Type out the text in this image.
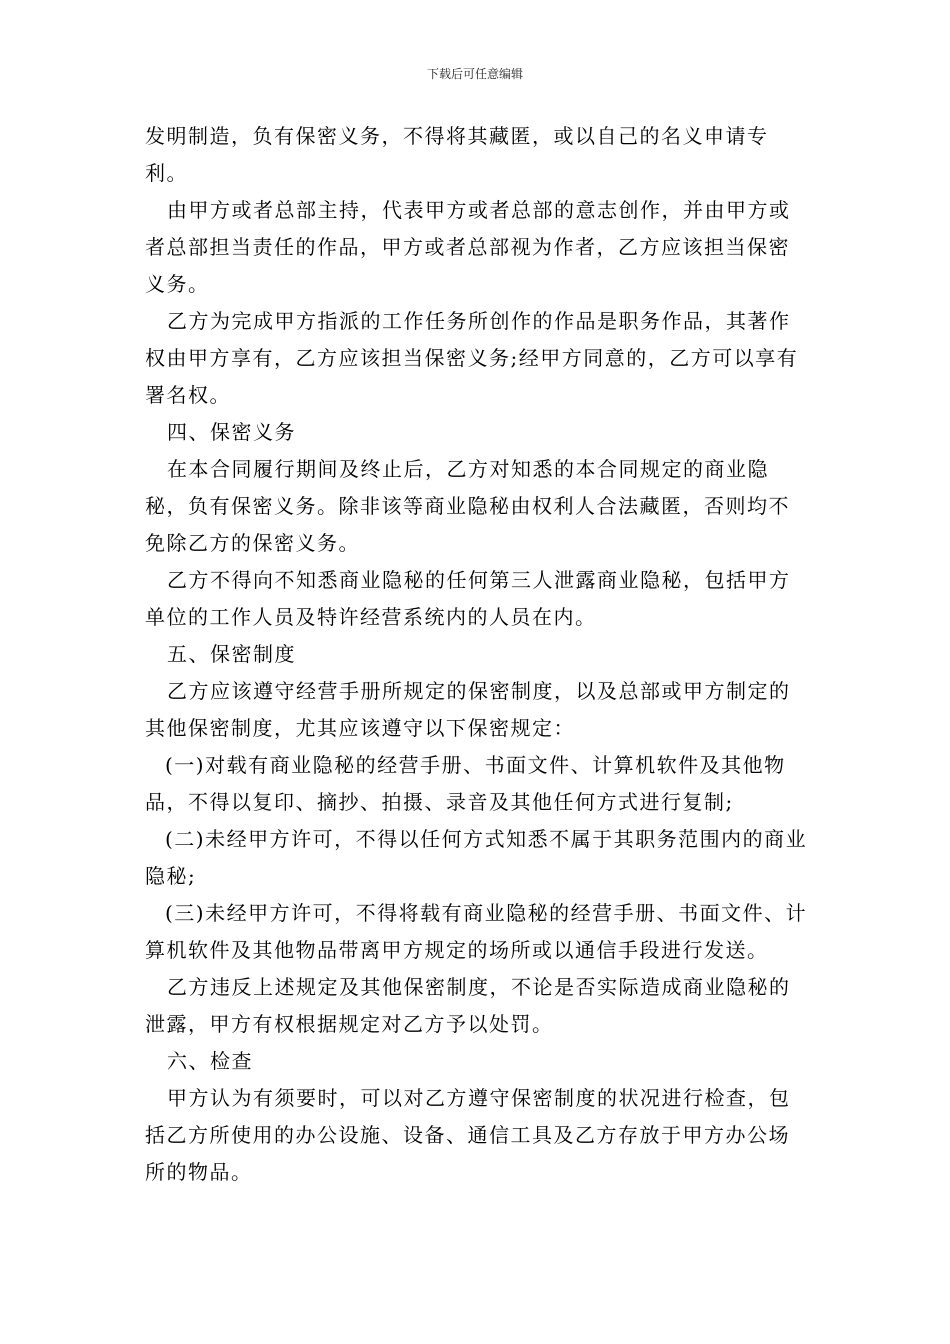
下载后可任意编辑

发明制造，负有保密义务，不得将其藏匿，或以自己的名义申请专利。

由甲方或者总部主持，代表甲方或者总部的意志创作，并由甲方或者总部担当责任的作品，甲方或者总部视为作者，乙方应该担当保密义务。

乙方为完成甲方指派的工作任务所创作的作品是职务作品，其著作权由甲方享有，乙方应该担当保密义务;经甲方同意的，乙方可以享有署名权。

四、保密义务

在本合同履行期间及终止后，乙方对知悉的本合同规定的商业隐秘，负有保密义务。除非该等商业隐秘由权利人合法藏匿，否则均不免除乙方的保密义务。

乙方不得向不知悉商业隐秘的任何第三人泄露商业隐秘，包括甲方单位的工作人员及特许经营系统内的人员在内。

五、保密制度

乙方应该遵守经营手册所规定的保密制度，以及总部或甲方制定的其他保密制度，尤其应该遵守以下保密规定：

(一)对载有商业隐秘的经营手册、书面文件、计算机软件及其他物品，不得以复印、摘抄、拍摄、录音及其他任何方式进行复制;

(二)未经甲方许可，不得以任何方式知悉不属于其职务范围内的商业隐秘;

(三)未经甲方许可，不得将载有商业隐秘的经营手册、书面文件、计算机软件及其他物品带离甲方规定的场所或以通信手段进行发送。

乙方违反上述规定及其他保密制度，不论是否实际造成商业隐秘的泄露，甲方有权根据规定对乙方予以处罚。

六、检查

甲方认为有须要时，可以对乙方遵守保密制度的状况进行检查，包括乙方所使用的办公设施、设备、通信工具及乙方存放于甲方办公场所的物品。
